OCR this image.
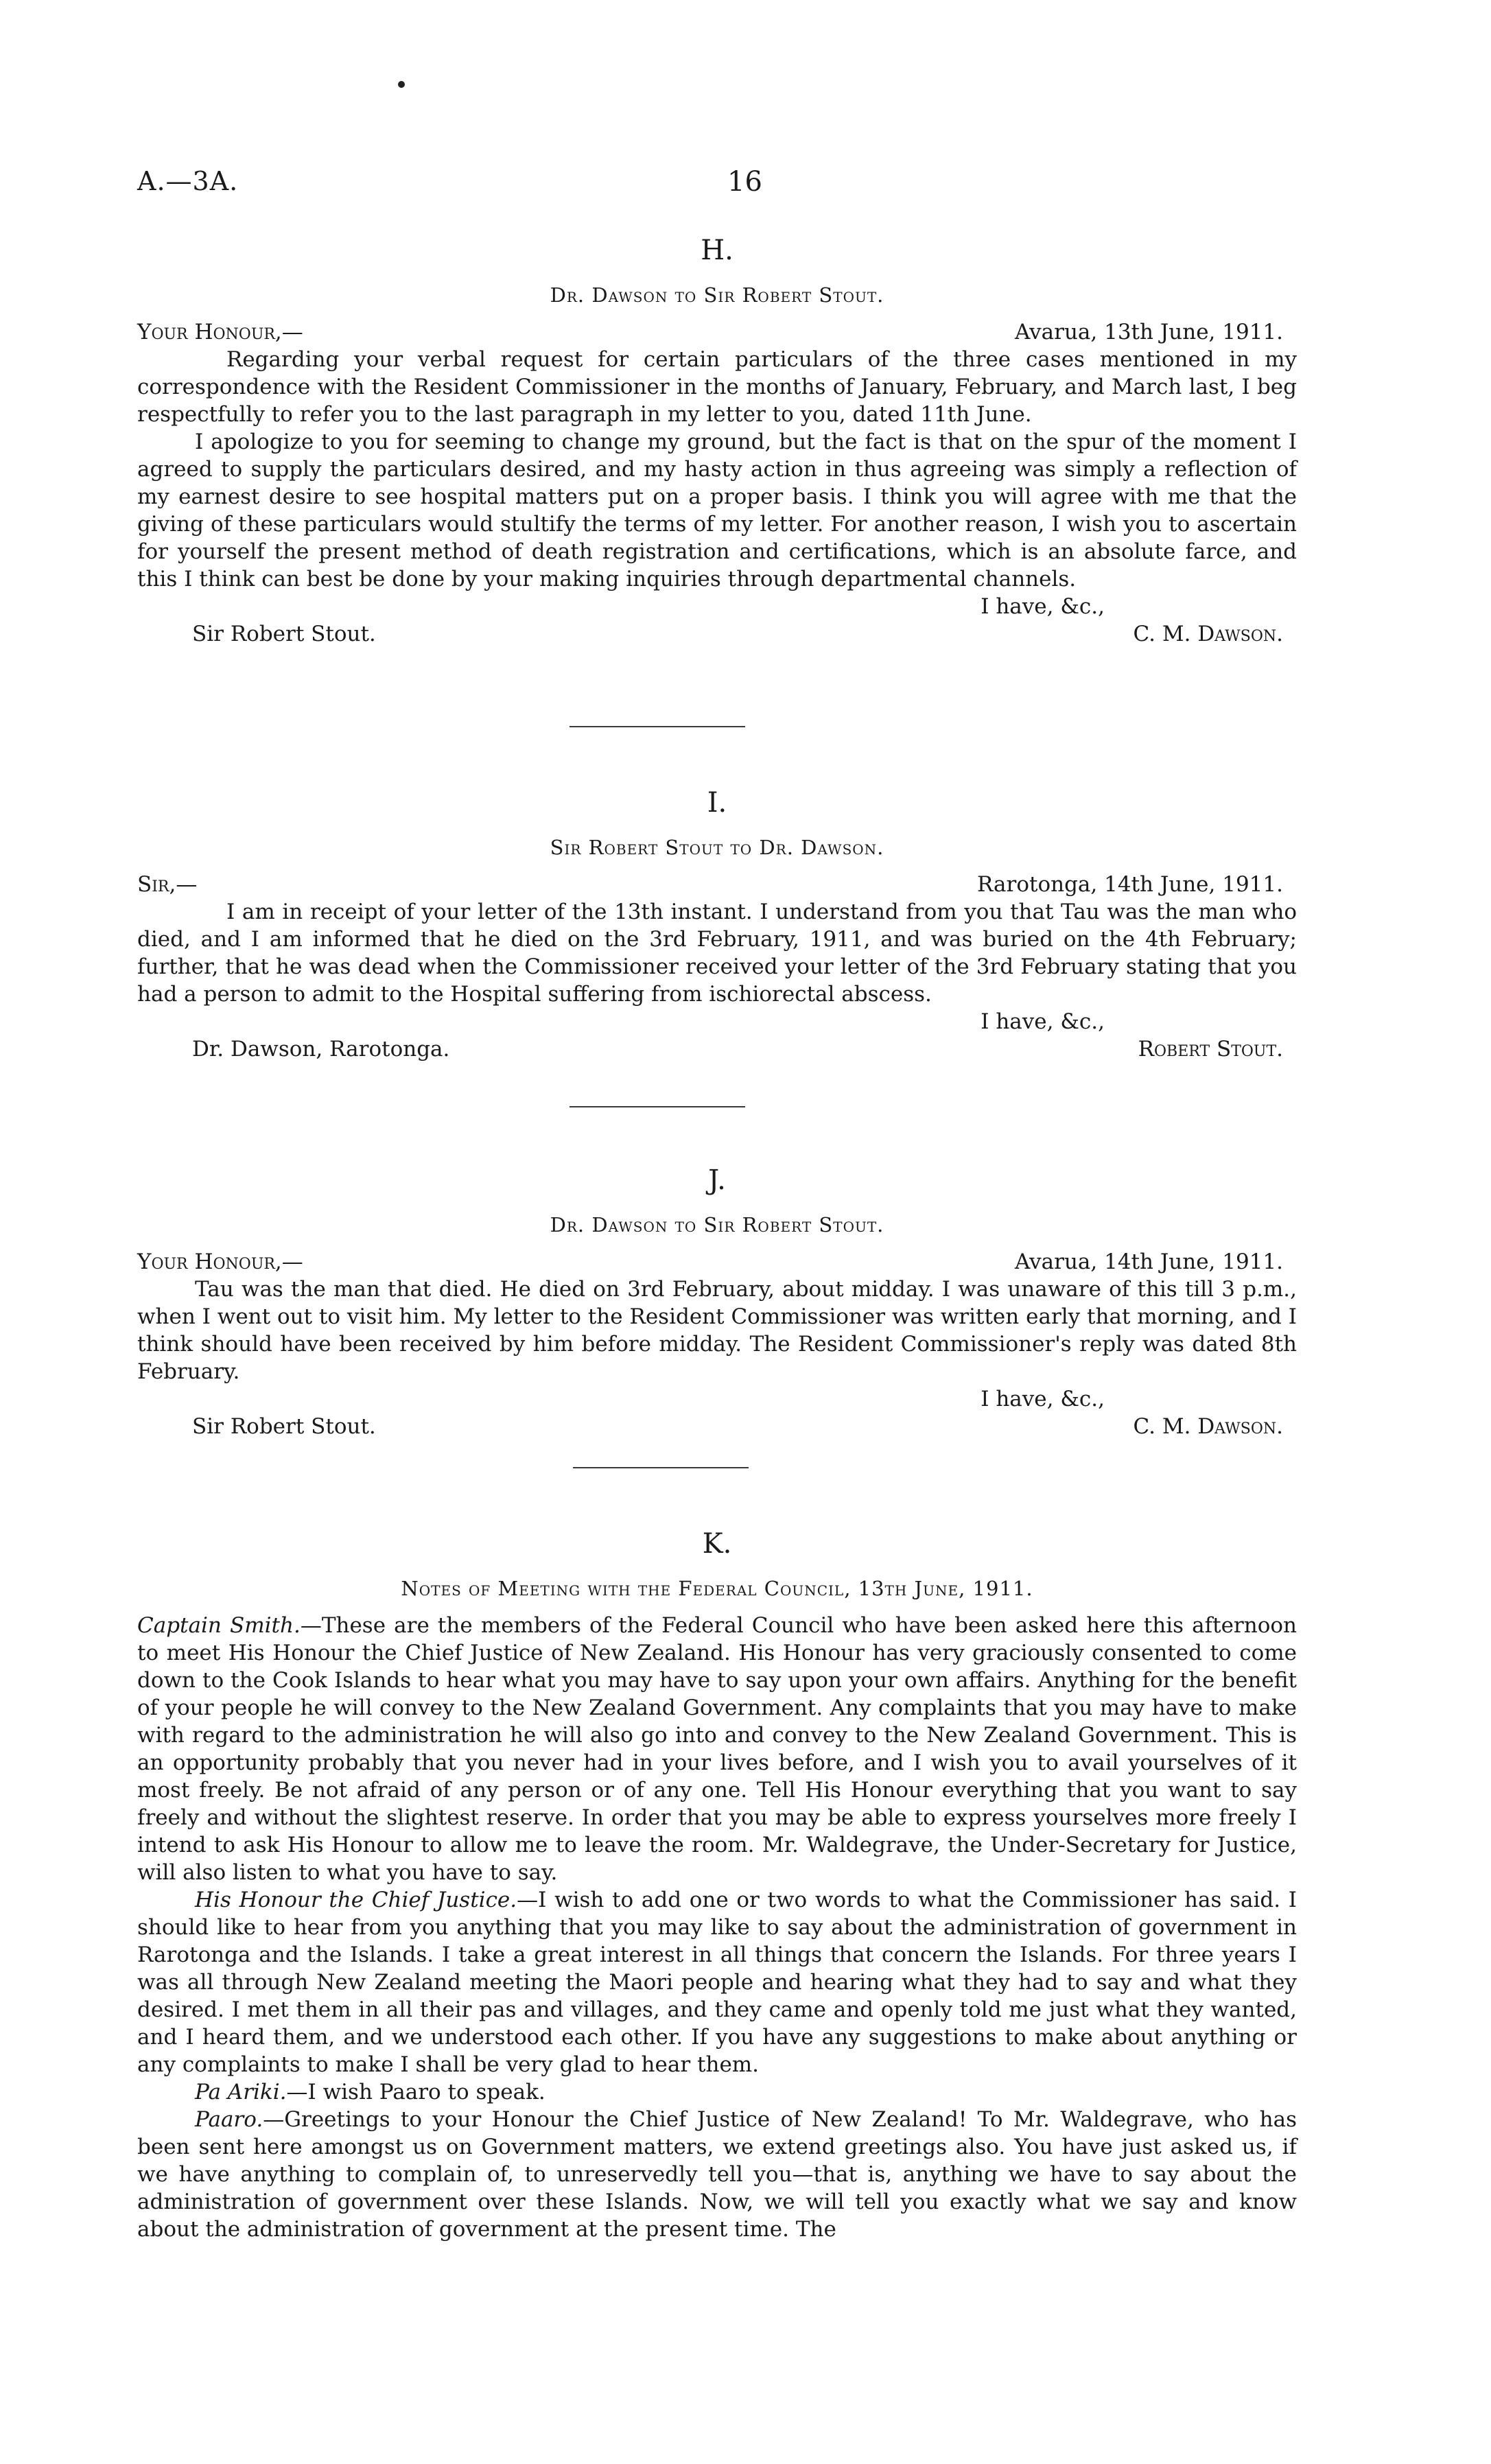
A.—3A.	16
H.
Dr. Dawson to Sir Robert Stout.
Your Honour,—	Avarua, 13th June, 1911.

Regarding your verbal request for certain particulars of the three cases mentioned in my correspondence with the Resident Commissioner in the months of January, February, and March last, I beg respectfully to refer you to the last paragraph in my letter to you, dated 11th June.

I apologize to you for seeming to change my ground, but the fact is that on the spur of the moment I agreed to supply the particulars desired, and my hasty action in thus agreeing was simply a reflection of my earnest desire to see hospital matters put on a proper basis. I think you will agree with me that the giving of these particulars would stultify the terms of my letter. For another reason, I wish you to ascertain for yourself the present method of death registration and certifications, which is an absolute farce, and this I think can best be done by your making inquiries through departmental channels.

I have, &c.,
Sir Robert Stout.	C. M. Dawson.
I.
Sir Robert Stout to Dr. Dawson.
Sir,—	Rarotonga, 14th June, 1911.

I am in receipt of your letter of the 13th instant. I understand from you that Tau was the man who died, and I am informed that he died on the 3rd February, 1911, and was buried on the 4th February; further, that he was dead when the Commissioner received your letter of the 3rd February stating that you had a person to admit to the Hospital suffering from ischiorectal abscess.

I have, &c.,
Dr. Dawson, Rarotonga.	Robert Stout.
J.
Dr. Dawson to Sir Robert Stout.
Your Honour,—	Avarua, 14th June, 1911.

Tau was the man that died. He died on 3rd February, about midday. I was unaware of this till 3 p.m., when I went out to visit him. My letter to the Resident Commissioner was written early that morning, and I think should have been received by him before midday. The Resident Commissioner's reply was dated 8th February.

I have, &c.,
Sir Robert Stout.	C. M. Dawson.
K.
Notes of Meeting with the Federal Council, 13th June, 1911.

Captain Smith.—These are the members of the Federal Council who have been asked here this afternoon to meet His Honour the Chief Justice of New Zealand. His Honour has very graciously consented to come down to the Cook Islands to hear what you may have to say upon your own affairs. Anything for the benefit of your people he will convey to the New Zealand Government. Any complaints that you may have to make with regard to the administration he will also go into and convey to the New Zealand Government. This is an opportunity probably that you never had in your lives before, and I wish you to avail yourselves of it most freely. Be not afraid of any person or of any one. Tell His Honour everything that you want to say freely and without the slightest reserve. In order that you may be able to express yourselves more freely I intend to ask His Honour to allow me to leave the room. Mr. Waldegrave, the Under-Secretary for Justice, will also listen to what you have to say.

His Honour the Chief Justice.—I wish to add one or two words to what the Commissioner has said. I should like to hear from you anything that you may like to say about the administration of government in Rarotonga and the Islands. I take a great interest in all things that concern the Islands. For three years I was all through New Zealand meeting the Maori people and hearing what they had to say and what they desired. I met them in all their pas and villages, and they came and openly told me just what they wanted, and I heard them, and we understood each other. If you have any suggestions to make about anything or any complaints to make I shall be very glad to hear them.

Pa Ariki.—I wish Paaro to speak.

Paaro.—Greetings to your Honour the Chief Justice of New Zealand! To Mr. Waldegrave, who has been sent here amongst us on Government matters, we extend greetings also. You have just asked us, if we have anything to complain of, to unreservedly tell you—that is, anything we have to say about the administration of government over these Islands. Now, we will tell you exactly what we say and know about the administration of government at the present time. The
